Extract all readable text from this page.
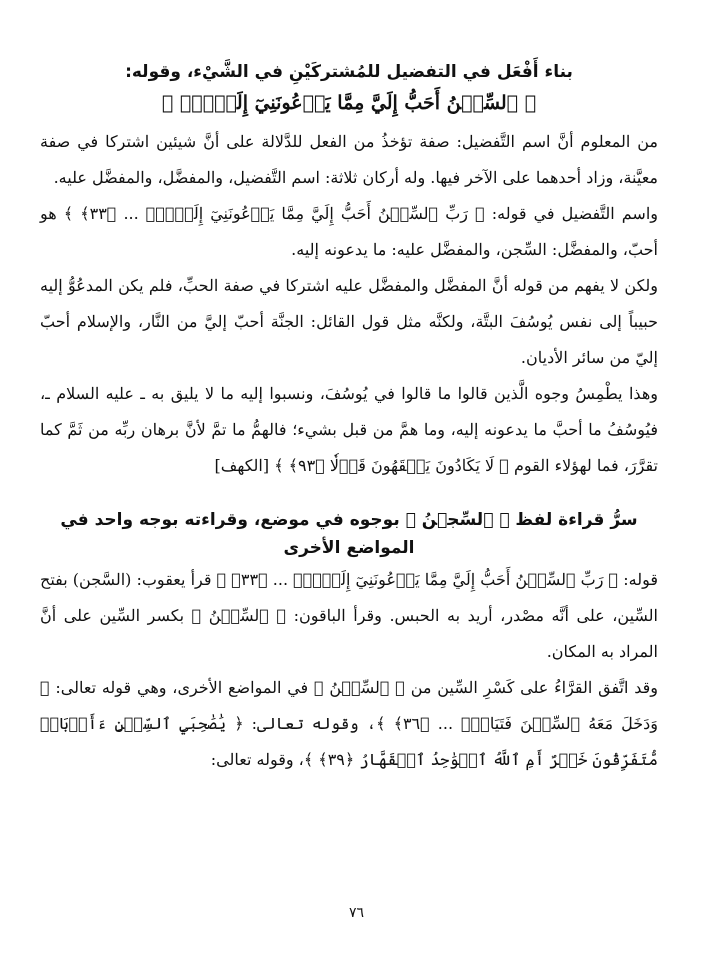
بناء أَفْعَل في التفضيل للمُشتركَيْنِ في الشَّيْء، وقوله:
﴿ ٱلسِّجۡنُ أَحَبُّ إِلَيَّ مِمَّا يَدۡعُونَنِيٓ إِلَيۡهِۖ ﴾

من المعلوم أنَّ اسم التَّفضيل: صفة تؤخذُ من الفعل للدَّلالة على أنَّ شيئين اشتركا في صفة معيَّنة، وزاد أحدهما على الآخر فيها. وله أركان ثلاثة: اسم التَّفضيل، والمفضَّل، والمفضَّل عليه.

واسم التَّفضيل في قوله: ﴿ رَبِّ ٱلسِّجۡنُ أَحَبُّ إِلَيَّ مِمَّا يَدۡعُونَنِيٓ إِلَيۡهِۖ ... ﴿٣٣﴾ ﴾ هو أحبّ، والمفضَّل: السِّجن، والمفضَّل عليه: ما يدعونه إليه.

ولكن لا يفهم من قوله أنَّ المفضَّل والمفضَّل عليه اشتركا في صفة الحبِّ، فلم يكن المدعُوُّ إليه حبيباً إلى نفس يُوسُفَ البتَّة، ولكنَّه مثل قول القائل: الجنَّة أحبّ إليَّ من النَّار، والإسلام أحبّ إليّ من سائر الأديان.

وهذا يطْمِسُ وجوه الَّذين قالوا ما قالوا في يُوسُفَ، ونسبوا إليه ما لا يليق به ـ عليه السلام ـ، فيُوسُفُ ما أحبَّ ما يدعونه إليه، وما همَّ من قبل بشيء؛ فالهمُّ ما تمَّ لأنَّ برهان ربِّه من ثَمَّ كما تقرَّرَ، فما لهؤلاء القوم ﴿ لَا يَكَادُونَ يَفۡقَهُونَ قَوۡلٗا ﴿٩٣﴾ ﴾ [الكهف]

سرُّ قراءة لفظ ﴿ ٱلسِّجۡنُ ﴾ بوجوه في موضع، وقراءته بوجه واحد في المواضع الأخرى

قوله: ﴿ رَبِّ ٱلسِّجۡنُ أَحَبُّ إِلَيَّ مِمَّا يَدۡعُونَنِيٓ إِلَيۡهِۖ ... ﴿٣٣﴾ ﴾ قرأ يعقوب: (السَّجن) بفتح السِّين، على أنَّه مصْدر، أريد به الحبس. وقرأ الباقون: ﴿ ٱلسِّجۡنُ ﴾ بكسر السِّين على أنَّ المراد به المكان.

وقد اتَّفق القرَّاءُ على كَسْرِ السِّين من ﴿ ٱلسِّجۡنُ ﴾ في المواضع الأخرى، وهي قوله تعالى: ﴿ وَدَخَلَ مَعَهُ ٱلسِّجۡنَ فَتَيَانِۖ ... ﴿٣٦﴾ ﴾، وقوله تعالى: ﴿ يَٰصَٰحِبَيِ ٱلسِّجۡنِ ءَأَرۡبَابٞ مُّتَفَرِّقُونَ خَيۡرٌ أَمِ ٱللَّهُ ٱلۡوَٰحِدُ ٱلۡقَهَّارُ ﴿٣٩﴾ ﴾، وقوله تعالى:

٧٦
